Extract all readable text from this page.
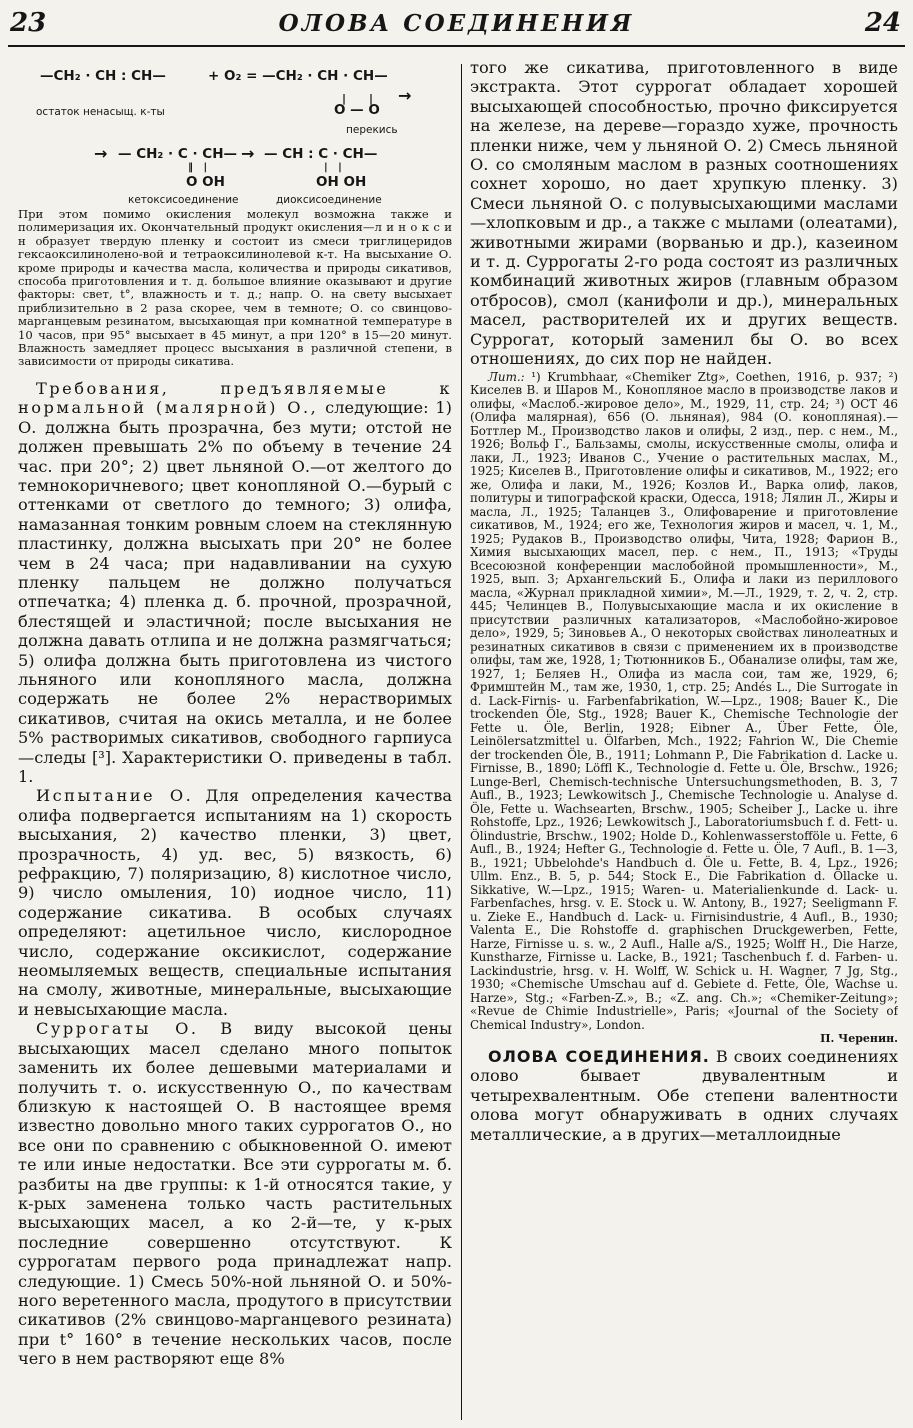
23	ОЛОВА СОЕДИНЕНИЯ	24
—CH₂ · CH : CH—	+ O₂ = —CH₂ · CH · CH—
|      |
O — O
→
остаток ненасыщ. к-ты
перекись
→ — CH₂ · C · CH— → — CH : C · CH—
‖   |	|   |
O OH	OH OH
кетоксисоединение	диоксисоединение

При этом помимо окисления молекул возможна также и полимеризация их. Окончательный продукт окисления—л и н о к с и н образует твердую пленку и состоит из смеси триглицеридов гексаоксилинолено-вой и тетраоксилинолевой к-т. На высыхание О. кроме природы и качества масла, количества и природы сикативов, способа приготовления и т. д. большое влияние оказывают и другие факторы: свет, t°, влажность и т. д.; напр. О. на свету высыхает приблизительно в 2 раза скорее, чем в темноте; О. со свинцово-марганцевым резинатом, высыхающая при комнатной температуре в 10 часов, при 95° высыхает в 45 минут, а при 120° в 15—20 минут. Влажность замедляет процесс высыхания в различной степени, в зависимости от природы сикатива.

Требования, предъявляемые к нормальной (малярной) О., следующие: 1) О. должна быть прозрачна, без мути; отстой не должен превышать 2% по объему в течение 24 час. при 20°; 2) цвет льняной О.—от желтого до темнокоричневого; цвет конопляной О.—бурый с оттенками от светлого до темного; 3) олифа, намазанная тонким ровным слоем на стеклянную пластинку, должна высыхать при 20° не более чем в 24 часа; при надавливании на сухую пленку пальцем не должно получаться отпечатка; 4) пленка д. б. прочной, прозрачной, блестящей и эластичной; после высыхания не должна давать отлипа и не должна размягчаться; 5) олифа должна быть приготовлена из чистого льняного или конопляного масла, должна содержать не более 2% нерастворимых сикативов, считая на окись металла, и не более 5% растворимых сикативов, свободного гарпиуса—следы [³]. Характеристики О. приведены в табл. 1.

Испытание О. Для определения качества олифа подвергается испытаниям на 1) скорость высыхания, 2) качество пленки, 3) цвет, прозрачность, 4) уд. вес, 5) вязкость, 6) рефракцию, 7) поляризацию, 8) кислотное число, 9) число омыления, 10) иодное число, 11) содержание сикатива. В особых случаях определяют: ацетильное число, кислородное число, содержание оксикислот, содержание неомыляемых веществ, специальные испытания на смолу, животные, минеральные, высыхающие и невысыхающие масла.

Суррогаты О. В виду высокой цены высыхающих масел сделано много попыток заменить их более дешевыми материалами и получить т. о. искусственную О., по качествам близкую к настоящей О. В настоящее время известно довольно много таких суррогатов О., но все они по сравнению с обыкновенной О. имеют те или иные недостатки. Все эти суррогаты м. б. разбиты на две группы: к 1-й относятся такие, у к-рых заменена только часть растительных высыхающих масел, а ко 2-й—те, у к-рых последние совершенно отсутствуют. К суррогатам первого рода принадлежат напр. следующие. 1) Смесь 50%-ной льняной О. и 50%-ного веретенного масла, продутого в присутствии сикативов (2% свинцово-марганцевого резината) при t° 160° в течение нескольких часов, после чего в нем растворяют еще 8%

того же сикатива, приготовленного в виде экстракта. Этот суррогат обладает хорошей высыхающей способностью, прочно фиксируется на железе, на дереве—гораздо хуже, прочность пленки ниже, чем у льняной О. 2) Смесь льняной О. со смоляным маслом в разных соотношениях сохнет хорошо, но дает хрупкую пленку. 3) Смеси льняной О. с полувысыхающими маслами—хлопковым и др., а также с мылами (олеатами), животными жирами (ворванью и др.), казеином и т. д. Суррогаты 2-го рода состоят из различных комбинаций животных жиров (главным образом отбросов), смол (канифоли и др.), минеральных масел, растворителей их и других веществ. Суррогат, который заменил бы О. во всех отношениях, до сих пор не найден.

Лит.: ¹) Krumbhaar, «Chemiker Ztg», Coethen, 1916, p. 937; ²) Киселев В. и Шаров М., Конопляное масло в производстве лаков и олифы, «Маслоб.-жировое дело», М., 1929, 11, стр. 24; ³) ОСТ 46 (Олифа малярная), 656 (О. льняная), 984 (О. конопляная).—Боттлер М., Производство лаков и олифы, 2 изд., пер. с нем., М., 1926; Вольф Г., Бальзамы, смолы, искусственные смолы, олифа и лаки, Л., 1923; Иванов С., Учение о растительных маслах, М., 1925; Киселев В., Приготовление олифы и сикативов, М., 1922; его же, Олифа и лаки, М., 1926; Козлов И., Варка олиф, лаков, политуры и типографской краски, Одесса, 1918; Лялин Л., Жиры и масла, Л., 1925; Таланцев З., Олифоварение и приготовление сикативов, М., 1924; его же, Технология жиров и масел, ч. 1, М., 1925; Рудаков В., Производство олифы, Чита, 1928; Фарион В., Химия высыхающих масел, пер. с нем., П., 1913; «Труды Всесоюзной конференции маслобойной промышленности», М., 1925, вып. 3; Архангельский Б., Олифа и лаки из перилловогo масла, «Журнал прикладной химии», М.—Л., 1929, т. 2, ч. 2, стр. 445; Челинцев В., Полувысыхающие масла и их окисление в присутствии различных катализаторов, «Маслобойно-жировое дело», 1929, 5; Зиновьев А., О некоторых свойствах линолеатных и резинатных сикативов в связи с применением их в производстве олифы, там же, 1928, 1; Тютюнников Б., Обанализе олифы, там же, 1927, 1; Беляев Н., Олифа из масла сои, там же, 1929, 6; Фримштейн М., там же, 1930, 1, стр. 25; Andés L., Die Surrogate in d. Lack-Firnis- u. Farbenfabrikation, W.—Lpz., 1908; Bauer K., Die trockenden Öle, Stg., 1928; Bauer K., Chemische Technologie der Fette u. Öle, Berlin, 1928; Eibner A., Über Fette, Öle, Leinölersatzmittel u. Ölfarben, Mch., 1922; Fahrion W., Die Chemie der trockenden Öle, B., 1911; Lohmann P., Die Fabrikation d. Lacke u. Firnisse, B., 1890; Löffl K., Technologie d. Fette u. Öle, Brschw., 1926; Lunge-Berl, Chemisch-technische Untersuchungsmethoden, B. 3, 7 Aufl., B., 1923; Lewkowitsch J., Chemische Technologie u. Analyse d. Öle, Fette u. Wachsearten, Brschw., 1905; Scheiber J., Lacke u. ihre Rohstoffe, Lpz., 1926; Lewkowitsch J., Laboratoriumsbuch f. d. Fett- u. Ölindustrie, Brschw., 1902; Holde D., Kohlenwasserstofföle u. Fette, 6 Aufl., B., 1924; Hefter G., Technologie d. Fette u. Öle, 7 Aufl., B. 1—3, B., 1921; Ubbelohde's Handbuch d. Öle u. Fette, B. 4, Lpz., 1926; Ullm. Enz., B. 5, p. 544; Stock E., Die Fabrikation d. Öllacke u. Sikkative, W.—Lpz., 1915; Waren- u. Materialienkunde d. Lack- u. Farbenfaches, hrsg. v. E. Stock u. W. Antony, B., 1927; Seeligmann F. u. Zieke E., Handbuch d. Lack- u. Firnisindustrie, 4 Aufl., B., 1930; Valenta E., Die Rohstoffe d. graphischen Druckgewerben, Fette, Harze, Firnisse u. s. w., 2 Aufl., Halle a/S., 1925; Wolff H., Die Harze, Kunstharze, Firnisse u. Lacke, B., 1921; Taschenbuch f. d. Farben- u. Lackindustrie, hrsg. v. H. Wolff, W. Schick u. H. Wagner, 7 Jg, Stg., 1930; «Chemische Umschau auf d. Gebiete d. Fette, Öle, Wachse u. Harze», Stg.; «Farben-Z.», B.; «Z. ang. Ch.»; «Chemiker-Zeitung»; «Revue de Chimie Industrielle», Paris; «Journal of the Society of Chemical Industry», London.

П. Черенин.

ОЛОВА СОЕДИНЕНИЯ. В своих соединениях олово бывает двувалентным и четырехвалентным. Обе степени валентности олова могут обнаруживать в одних случаях металлические, а в других—металлоидные
